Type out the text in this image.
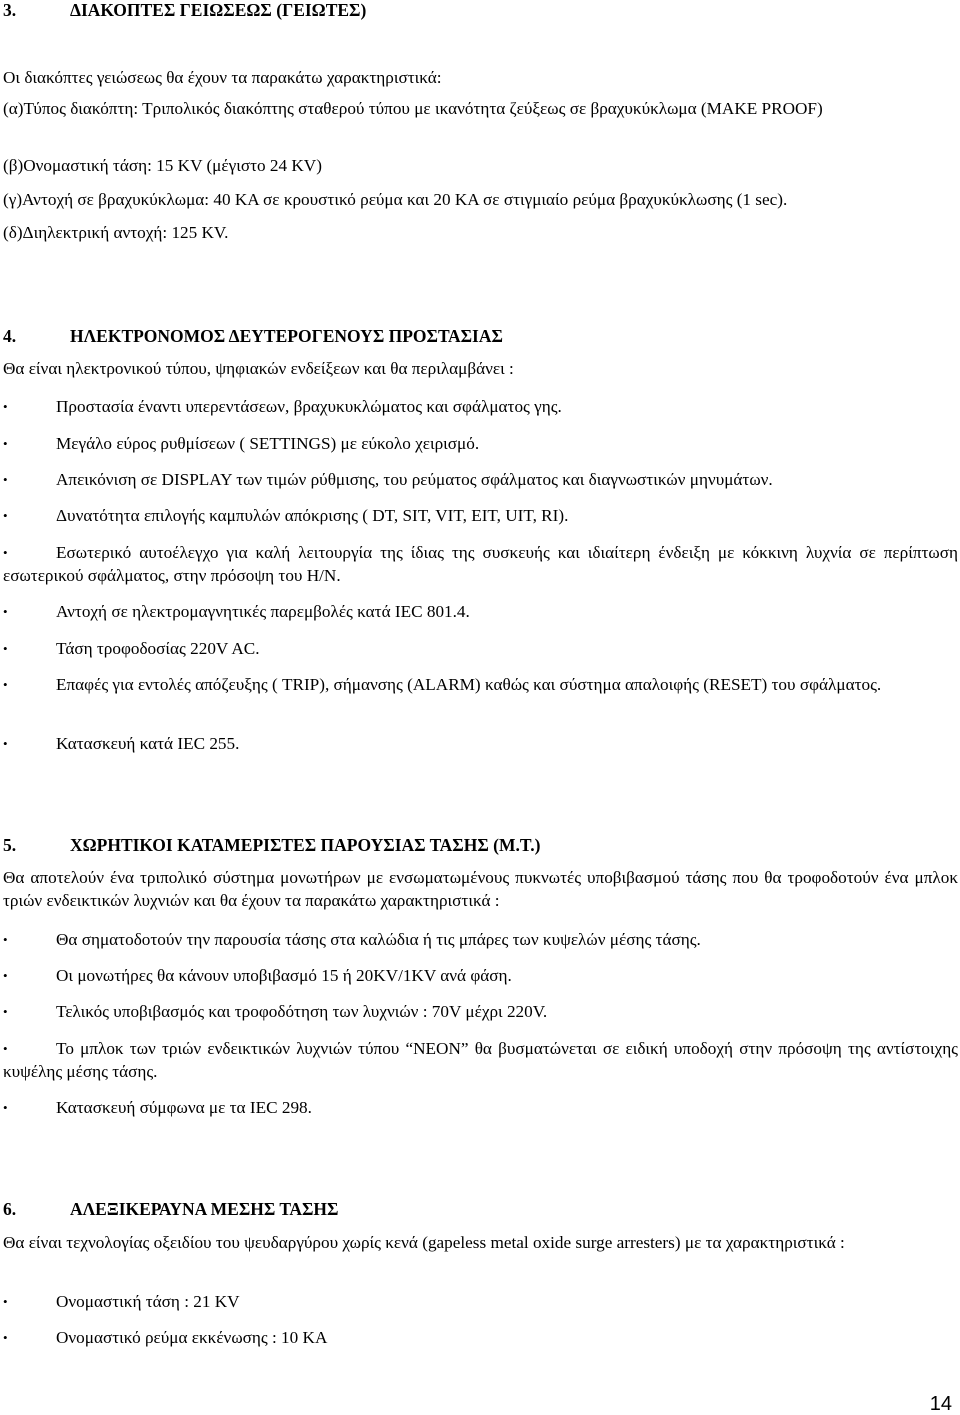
3.	ΔΙΑΚΟΠΤΕΣ ΓΕΙΩΣΕΩΣ (ΓΕΙΩΤΕΣ)
Οι διακόπτες γειώσεως θα έχουν τα παρακάτω χαρακτηριστικά:
(α)Τύπος διακόπτη: Τριπολικός διακόπτης σταθερού τύπου με ικανότητα ζεύξεως σε βραχυκύκλωμα (MAKE PROOF)
(β)Ονομαστική τάση: 15 KV (μέγιστο 24 KV)
(γ)Αντοχή σε βραχυκύκλωμα: 40 KA σε κρουστικό ρεύμα και 20 KA σε στιγμιαίο ρεύμα βραχυκύκλωσης (1 sec).
(δ)Διηλεκτρική αντοχή: 125 KV.
4.	ΗΛΕΚΤΡΟΝΟΜΟΣ ΔΕΥΤΕΡΟΓΕΝΟΥΣ ΠΡΟΣΤΑΣΙΑΣ
Θα είναι ηλεκτρονικού τύπου, ψηφιακών ενδείξεων και θα περιλαμβάνει :
•	Προστασία έναντι υπερεντάσεων, βραχυκυκλώματος και σφάλματος γης.
•	Μεγάλο εύρος ρυθμίσεων ( SETTINGS) με εύκολο χειρισμό.
•	Απεικόνιση σε DISPLAY των τιμών ρύθμισης, του ρεύματος σφάλματος και διαγνωστικών μηνυμάτων.
•	Δυνατότητα επιλογής καμπυλών απόκρισης ( DT, SIT, VIT, EIT, UIT, RI).
•	Εσωτερικό αυτοέλεγχο για καλή λειτουργία της ίδιας της συσκευής και ιδιαίτερη ένδειξη με κόκκινη λυχνία σε περίπτωση εσωτερικού σφάλματος, στην πρόσοψη του Η/Ν.
•	Αντοχή σε ηλεκτρομαγνητικές παρεμβολές κατά IEC 801.4.
•	Τάση τροφοδοσίας 220V AC.
•	Επαφές για εντολές απόζευξης ( TRIP), σήμανσης (ALARM) καθώς και σύστημα απαλοιφής (RESET) του σφάλματος.
•	Κατασκευή κατά IEC 255.
5.	ΧΩΡΗΤΙΚΟΙ ΚΑΤΑΜΕΡΙΣΤΕΣ ΠΑΡΟΥΣΙΑΣ ΤΑΣΗΣ (Μ.Τ.)
Θα αποτελούν ένα τριπολικό σύστημα μονωτήρων με ενσωματωμένους πυκνωτές υποβιβασμού τάσης που θα τροφοδοτούν ένα μπλοκ τριών ενδεικτικών λυχνιών και θα έχουν τα παρακάτω χαρακτηριστικά :
•	Θα σηματοδοτούν την παρουσία τάσης στα καλώδια ή τις μπάρες των κυψελών μέσης τάσης.
•	Οι μονωτήρες θα κάνουν υποβιβασμό 15 ή 20KV/1KV ανά φάση.
•	Τελικός υποβιβασμός και τροφοδότηση των λυχνιών : 70V μέχρι 220V.
•	Το μπλοκ των τριών ενδεικτικών λυχνιών τύπου “NEON” θα βυσματώνεται σε ειδική υποδοχή στην πρόσοψη της αντίστοιχης κυψέλης μέσης τάσης.
•	Κατασκευή σύμφωνα με τα IEC 298.
6.	ΑΛΕΞΙΚΕΡΑΥΝΑ ΜΕΣΗΣ ΤΑΣΗΣ
Θα είναι τεχνολογίας οξειδίου του ψευδαργύρου χωρίς κενά (gapeless metal oxide surge arresters) με τα χαρακτηριστικά :
•	Ονομαστική τάση : 21 KV
•	Ονομαστικό ρεύμα εκκένωσης : 10 KA
14
